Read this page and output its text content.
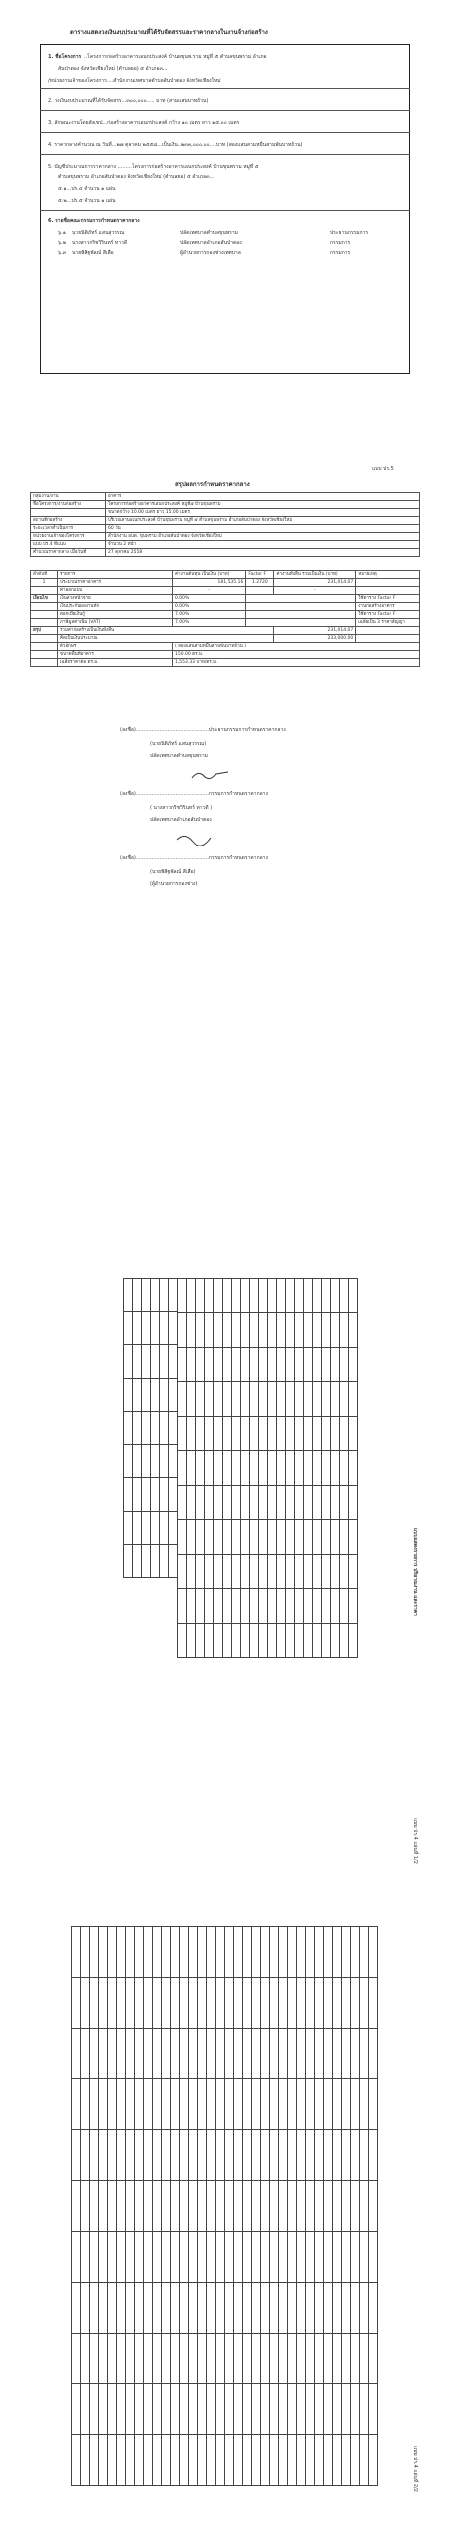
ตารางแสดงวงเงินงบประมาณที่ได้รับจัดสรรและราคากลางในงานจ้างก่อสร้าง
1. ชื่อโครงการ ..โครงการก่อสร้างอาคารเอนกประสงค์ บ้านผขุนพ.ราม หมู่ที่ ๕ ตำบลขุนพราม อำเภอ
สันป่าตอง จังหวัดเชียงใหม่ (ตำบลยอ) ๕ อำเภอ๓...
/หน่วยงานเจ้าของโครงการ....สำนักงานเทศบาลตำบลสันป่าตอง จังหวัดเชียงใหม่
2. วงเงินงบประมาณที่ได้รับจัดสรร...๓๐๐,๐๐๐..... บาท (สามแสนบาทถ้วน)
3. ลักษณะงานโดยสังเขป...ก่อสร้างอาคารเอนกประสงค์ กว้าง ๑๐ เมตร ยาว ๑๕.๐๐ เมตร
4. ราคากลางคำนวณ ณ วันที่...๒๗ ตุลาคม ๒๕๕๘...เป็นเงิน..๒๓๓,๐๐๐.๐๐....บาท (สองแสนสามหมื่นสามพันบาทถ้วน)
5. บัญชีประมาณการราคากลาง .........โครงการก่อสร้างอาคารเอนกประสงค์ บ้านขุนพราม หมู่ที่ ๕
ตำบลขุนพราม อำเภอสันป่าตอง จังหวัดเชียงใหม่ (ตำบลยอ) ๕ อำเภอ๓...
๕.๑...ปร.๔ จำนวน ๑ แผ่น
๕.๒...ปร.๕ จำนวน ๑ แผ่น
6. รายชื่อคณะกรรมการกำหนดราคากลาง
๖.๑ นายนิติภัทร์ แสนสุวรรณ	ปลัดเทศบาลตำบลขุนพราม	ประธานกรรมการ
๖.๒ นางสาวกริชวิรินทร์ ทาวดี	ปลัดเทศบาลอำเภอสันป่าตอง	กรรมการ
๖.๓ นายพิสิฐพัลณ์ สีเสือ	ผู้อำนวยการกองช่างเทศบาล	กรรมการ
แบบ ปร.5
สรุปผลการกำหนดราคากลาง
กลุ่มงาน/งาน	อาคาร
ชื่อโครงการ/งานก่อสร้าง	โครงการก่อสร้างอาคารเอนกประสงค์ หมู่ที่๕ บ้านขุนพราม
	ขนาดกว้าง 10.00 เมตร ยาว 15.00 เมตร
สถานที่ก่อสร้าง	บริเวณลานอเนกประสงค์ บ้านขุนพราม หมู่ที่ ๕ ตำบลขุนพราม อำเภอสันป่าตอง จังหวัดเชียงใหม่
ระยะเวลาดำเนินการ	60 วัน
หน่วยงานเจ้าของโครงการ	สำนักงาน อบต. ขุนพราม อำเภอสันป่าตอง จังหวัดเชียงใหม่
แบบ ปร.4 ที่แนบ	จำนวน 2 หน้า
คำนวณราคากลาง เมื่อวันที่	27 ตุลาคม 2558
ลำดับที่	รายการ	ค่างานต้นทุน เป็นเงิน (บาท)	Factor F	ค่างานทั้งสิ้น รวมเป็นเงิน (บาท)	หมายเหตุ
1	ประมาณราคาอาคาร	181,535.16	1.2720	231,014.07	
	ค่าออกแบบ	-		-	
เงื่อนไข	เงินล่วงหน้าจ่าย	0.00%			ใช้ตาราง Factor F
	เงินประกันผลงานหัก	0.00%			งานก่อสร้างอาคาร
	ดอกเบี้ยเงินกู้	7.00%			ใช้ตาราง Factor F
	ภาษีมูลค่าเพิ่ม (VAT)	7.00%			เฉลี่ยเป็น 3 ราคาสัญญา
สรุป	รวมค่าก่อสร้างเป็นเงินทั้งสิ้น			231,014.07	
	คิดเป็นเงินประมาณ			233,000.00	
	ตัวอักษร	( สองแสนสามหมื่นสามพันบาทถ้วน )			
	ขนาดพื้นที่อาคาร	150.00 ตร.ม.			
	เฉลี่ยราคาต่อ ตร.ม.	1,553.33 บาท/ตร.ม.			
(ลงชื่อ)..............................................ประธานกรรมการกำหนดราคากลาง
(นายนิติภัทร์ แสนสุวรรณ)
ปลัดเทศบาลตำบลขุนพราม
(ลงชื่อ)..............................................กรรมการกำหนดราคากลาง
( นางสาวกริชวิรินทร์ ทาวดี )
ปลัดเทศบาลอำเภอสันป่าตอง
(ลงชื่อ)..............................................กรรมการกำหนดราคากลาง
(นายพิสิฐพัลณ์ สีเสือ)
(ผู้อำนวยการกองช่าง)
แบบแสดงรายการ ปริมาณงาน และราคา
แบบ ปร.4 แผ่นที่ 1/2

แบบ ปร.4 แผ่นที่ 2/2
